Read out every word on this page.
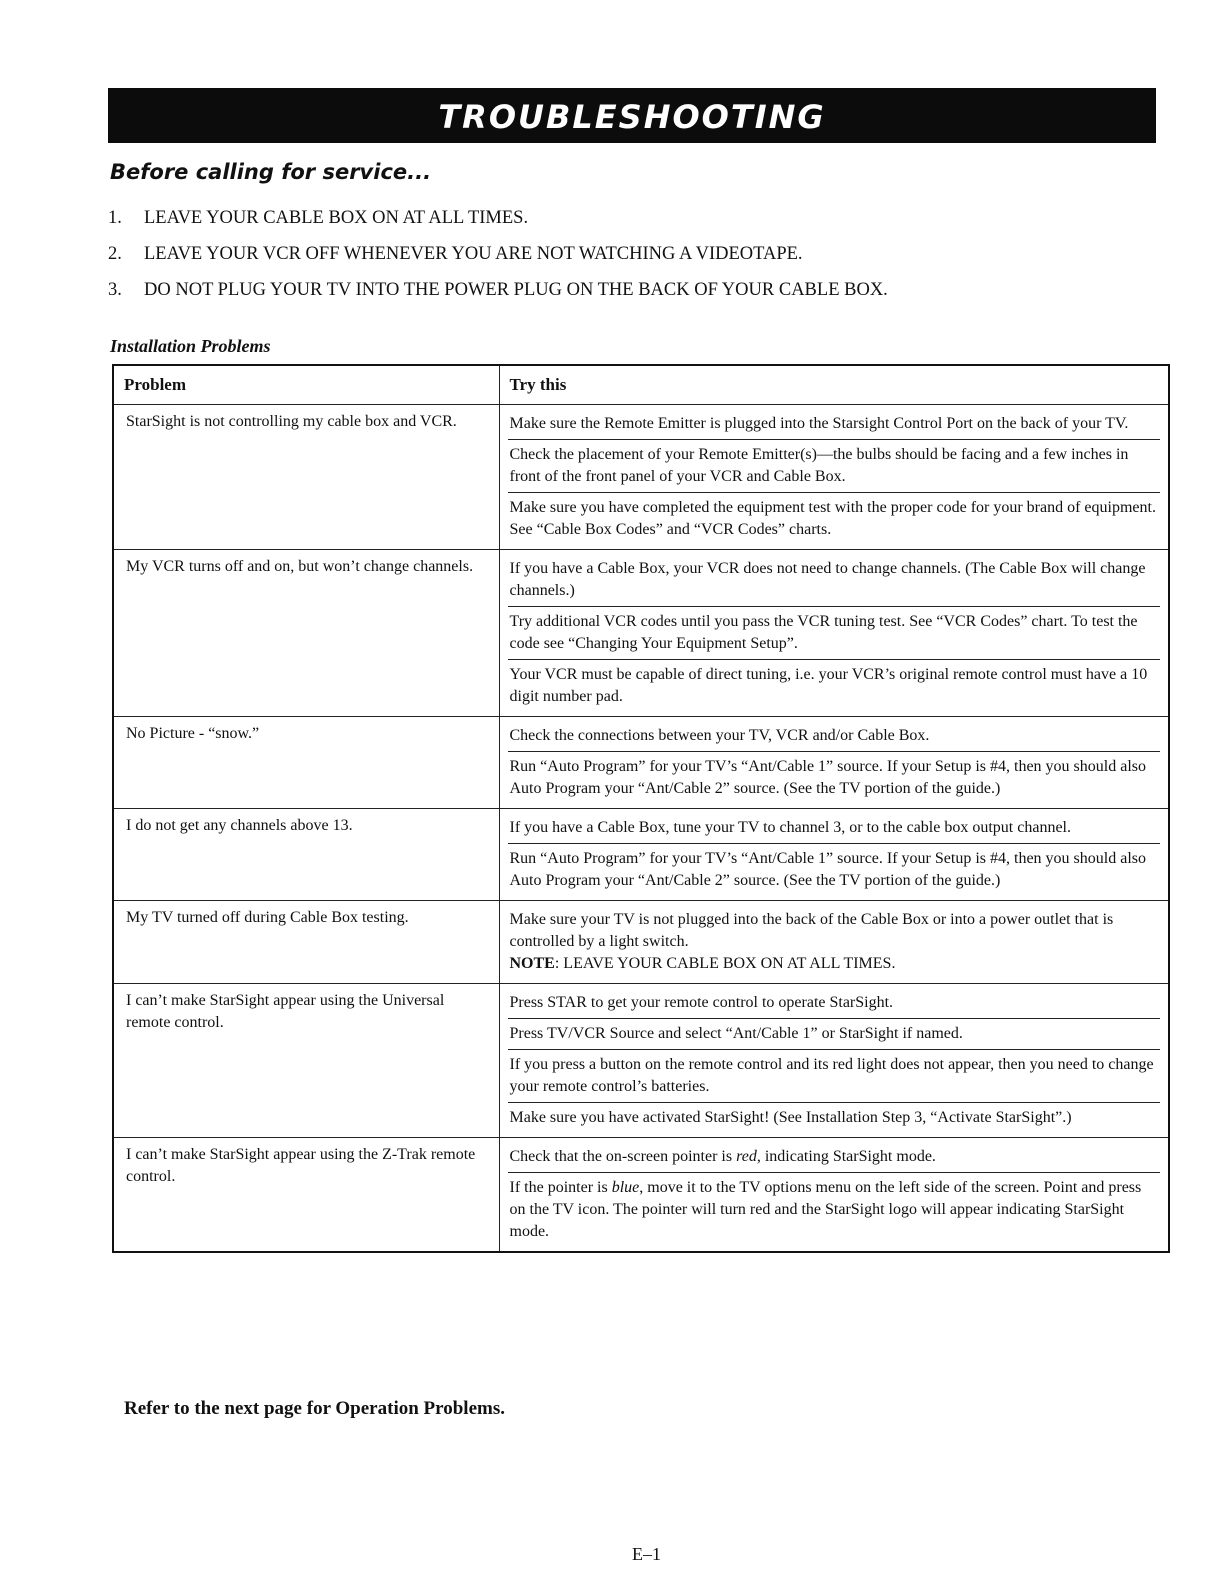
TROUBLESHOOTING
Before calling for service...
1. LEAVE YOUR CABLE BOX ON AT ALL TIMES.
2. LEAVE YOUR VCR OFF WHENEVER YOU ARE NOT WATCHING A VIDEOTAPE.
3. DO NOT PLUG YOUR TV INTO THE POWER PLUG ON THE BACK OF YOUR CABLE BOX.
Installation Problems
Problem	Try this
StarSight is not controlling my cable box and VCR.	Make sure the Remote Emitter is plugged into the Starsight Control Port on the back of your TV.
Check the placement of your Remote Emitter(s)—the bulbs should be facing and a few inches in front of the front panel of your VCR and Cable Box.
Make sure you have completed the equipment test with the proper code for your brand of equipment. See “Cable Box Codes” and “VCR Codes” charts.

My VCR turns off and on, but won’t change channels.	If you have a Cable Box, your VCR does not need to change channels. (The Cable Box will change channels.)
Try additional VCR codes until you pass the VCR tuning test. See “VCR Codes” chart. To test the code see “Changing Your Equipment Setup”.
Your VCR must be capable of direct tuning, i.e. your VCR’s original remote control must have a 10 digit number pad.

No Picture - “snow.”	Check the connections between your TV, VCR and/or Cable Box.
Run “Auto Program” for your TV’s “Ant/Cable 1” source. If your Setup is #4, then you should also Auto Program your “Ant/Cable 2” source. (See the TV portion of the guide.)

I do not get any channels above 13.	If you have a Cable Box, tune your TV to channel 3, or to the cable box output channel.
Run “Auto Program” for your TV’s “Ant/Cable 1” source. If your Setup is #4, then you should also Auto Program your “Ant/Cable 2” source. (See the TV portion of the guide.)

My TV turned off during Cable Box testing.	Make sure your TV is not plugged into the back of the Cable Box or into a power outlet that is controlled by a light switch.
NOTE: LEAVE YOUR CABLE BOX ON AT ALL TIMES.

I can’t make StarSight appear using the Universal remote control.	Press STAR to get your remote control to operate StarSight.
Press TV/VCR Source and select “Ant/Cable 1” or StarSight if named.
If you press a button on the remote control and its red light does not appear, then you need to change your remote control’s batteries.
Make sure you have activated StarSight! (See Installation Step 3, “Activate StarSight”.)

I can’t make StarSight appear using the Z-Trak remote control.	Check that the on-screen pointer is red, indicating StarSight mode.
If the pointer is blue, move it to the TV options menu on the left side of the screen. Point and press on the TV icon. The pointer will turn red and the StarSight logo will appear indicating StarSight mode.
Refer to the next page for Operation Problems.
E–1
